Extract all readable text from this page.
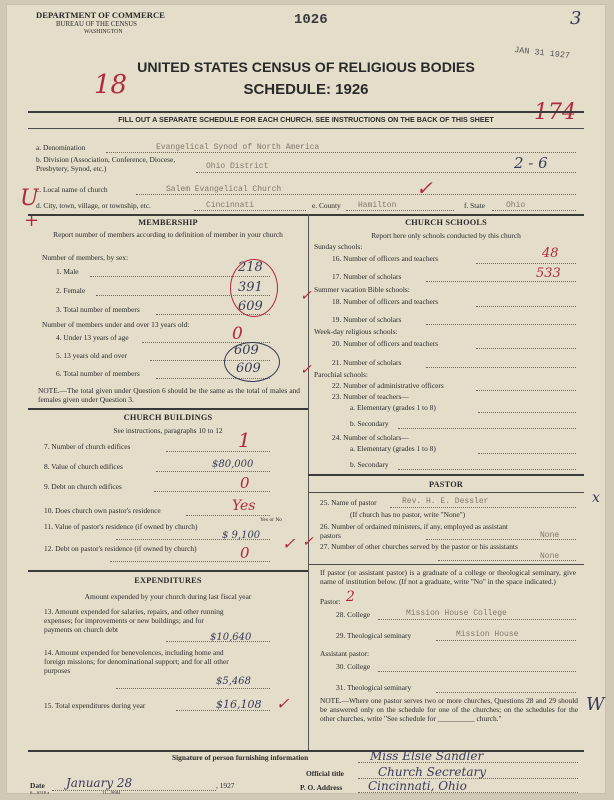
DEPARTMENT OF COMMERCE
BUREAU OF THE CENSUS
WASHINGTON
1026
JAN 31 1927
3
UNITED STATES CENSUS OF RELIGIOUS BODIES
SCHEDULE: 1926
18
174
FILL OUT A SEPARATE SCHEDULE FOR EACH CHURCH. SEE INSTRUCTIONS ON THE BACK OF THIS SHEET
a. Denomination	Evangelical Synod of North America
b. Division (Association, Conference, Diocese, Presbytery, Synod, etc.)	Ohio District	2 - 6
c. Local name of church	Salem Evangelical Church
d. City, town, village, or township, etc.	Cincinnati	e. County Hamilton	f. State	Ohio
✓
U
+	MEMBERSHIP
Report number of members according to definition of member in your church
Number of members, by sex:
1. Male	218
2. Female	391
3. Total number of members	609
Number of members under and over 13 years old:
4. Under 13 years of age	0
5. 13 years old and over	609
6. Total number of members	609
NOTE.—The total given under Question 6 should be the same as the total of males and females given under Question 3.
CHURCH BUILDINGS
See instructions, paragraphs 10 to 12
7. Number of church edifices	1
8. Value of church edifices	$80,000
9. Debt on church edifices	0
10. Does church own pastor's residence	Yes
Yes or No
11. Value of pastor's residence (if owned by church)
$ 9,100
12. Debt on pastor's residence (if owned by church)	0 ✓
EXPENDITURES
Amount expended by your church during last fiscal year
13. Amount expended for salaries, repairs, and other running expenses; for improvements or new buildings; and for payments on church debt
$10,640
14. Amount expended for benevolences, including home and foreign missions; for denominational support; and for all other purposes
$5,468
15. Total expenditures during year	$16,108 ✓
CHURCH SCHOOLS
Report here only schools conducted by this church
Sunday schools:
16. Number of officers and teachers	48
17. Number of scholars	533
Summer vacation Bible schools:
18. Number of officers and teachers
✓
19. Number of scholars
Week-day religious schools:
20. Number of officers and teachers
21. Number of scholars
✓ Parochial schools:
22. Number of administrative officers
23. Number of teachers—
a. Elementary (grades 1 to 8)
b. Secondary
24. Number of scholars—
a. Elementary (grades 1 to 8)
b. Secondary
PASTOR
25. Name of pastor	Rev. H. E. Dessler
(If church has no pastor, write "None")
x
26. Number of ordained ministers, if any, employed as assistant pastors	None
27. Number of other churches served by the pastor or his assistants
None
✓
If pastor (or assistant pastor) is a graduate of a college or theological seminary, give name of institution below. (If not a graduate, write "No" in the space indicated.)
Pastor: 2
28. College	Mission House College
29. Theological seminary	Mission House
Assistant pastor:
30. College
31. Theological seminary
NOTE.—Where one pastor serves two or more churches, Questions 28 and 29 should be answered only on the schedule for one of the churches; on the schedules for the other churches, write "See schedule for __________ church."
W
Signature of person furnishing information	Miss Elsie Sandler
Official title	Church Secretary
Date January 28	, 1927	P. O. Address Cincinnati, Ohio
6—6518 a	11—9684
